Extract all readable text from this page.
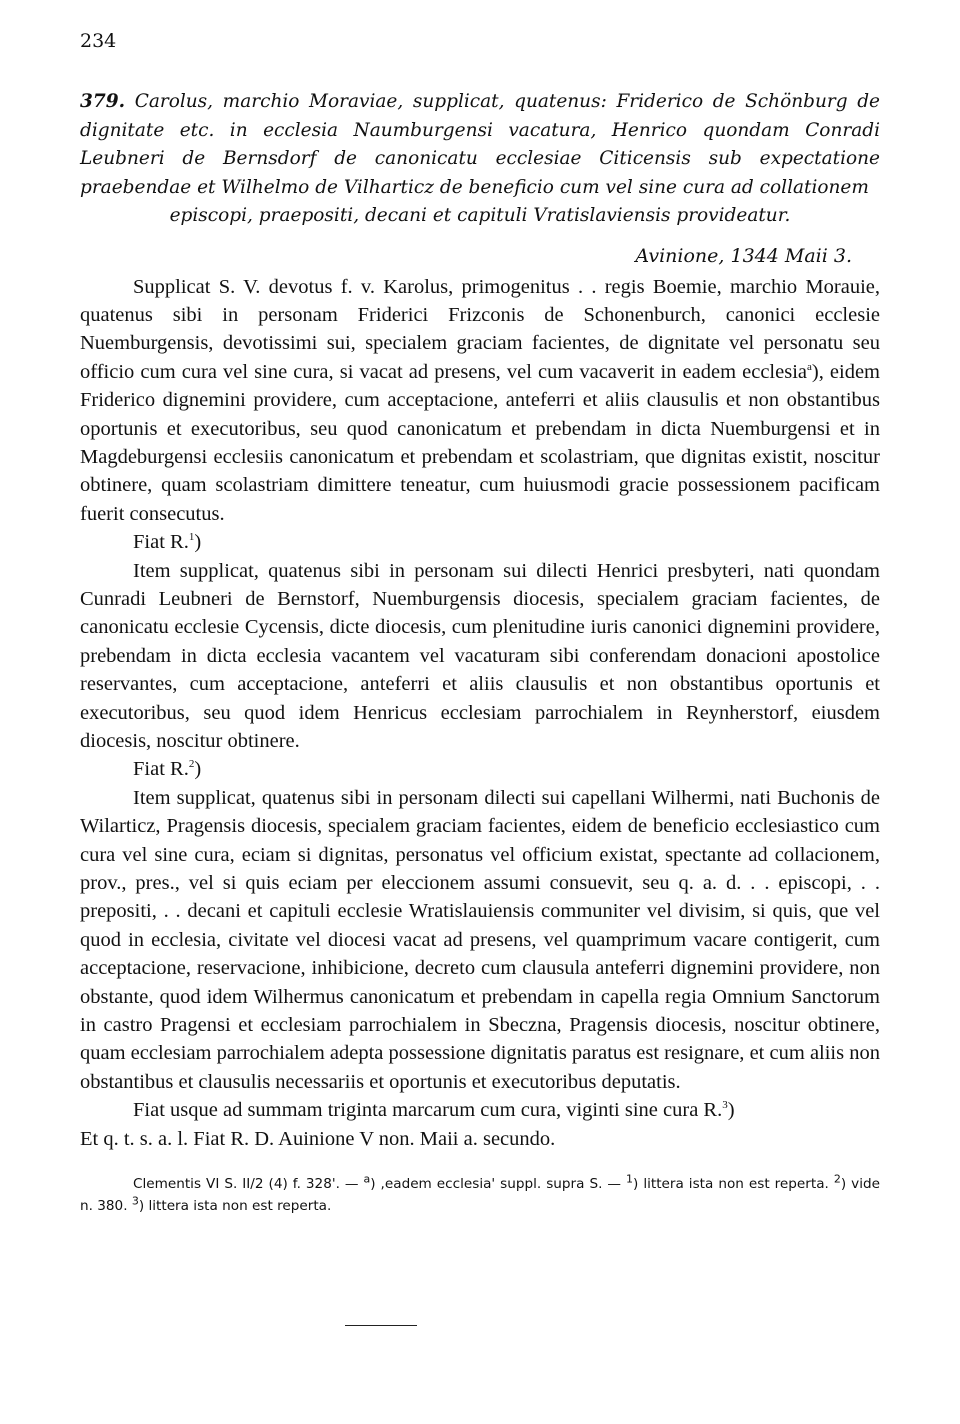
234
379. Carolus, marchio Moraviae, supplicat, quatenus: Friderico de Schönburg de dignitate etc. in ecclesia Naumburgensi vacatura, Henrico quondam Conradi Leubneri de Bernsdorf de canonicatu ecclesiae Citicensis sub expectatione praebendae et Wilhelmo de Vilharticz de beneficio cum vel sine cura ad collationem
episcopi, praepositi, decani et capituli Vratislaviensis provideatur.
Avinione, 1344 Maii 3.

Supplicat S. V. devotus f. v. Karolus, primogenitus . . regis Boemie, marchio Morauie, quatenus sibi in personam Friderici Frizconis de Schonenburch, canonici ecclesie Nuemburgensis, devotissimi sui, specialem graciam facientes, de dignitate vel personatu seu officio cum cura vel sine cura, si vacat ad presens, vel cum vacaverit in eadem ecclesia$^a$), eidem Friderico dignemini providere, cum acceptacione, anteferri et aliis clausulis et non obstantibus oportunis et executoribus, seu quod canonicatum et prebendam in dicta Nuemburgensi et in Magdeburgensi ecclesiis canonicatum et prebendam et scolastriam, que dignitas existit, noscitur obtinere, quam scolastriam dimittere teneatur, cum huiusmodi gracie possessionem pacificam fuerit consecutus.

Fiat R.$^1$)

Item supplicat, quatenus sibi in personam sui dilecti Henrici presbyteri, nati quondam Cunradi Leubneri de Bernstorf, Nuemburgensis diocesis, specialem graciam facientes, de canonicatu ecclesie Cycensis, dicte diocesis, cum plenitudine iuris canonici dignemini providere, prebendam in dicta ecclesia vacantem vel vacaturam sibi conferendam donacioni apostolice reservantes, cum acceptacione, anteferri et aliis clausulis et non obstantibus oportunis et executoribus, seu quod idem Henricus ecclesiam parrochialem in Reynherstorf, eiusdem diocesis, noscitur obtinere.

Fiat R.$^2$)

Item supplicat, quatenus sibi in personam dilecti sui capellani Wilhermi, nati Buchonis de Wilarticz, Pragensis diocesis, specialem graciam facientes, eidem de beneficio ecclesiastico cum cura vel sine cura, eciam si dignitas, personatus vel officium existat, spectante ad collacionem, prov., pres., vel si quis eciam per eleccionem assumi consuevit, seu q. a. d. . . episcopi, . . prepositi, . . decani et capituli ecclesie Wratislauiensis communiter vel divisim, si quis, que vel quod in ecclesia, civitate vel diocesi vacat ad presens, vel quamprimum vacare contigerit, cum acceptacione, reservacione, inhibicione, decreto cum clausula anteferri dignemini providere, non obstante, quod idem Wilhermus canonicatum et prebendam in capella regia Omnium Sanctorum in castro Pragensi et ecclesiam parrochialem in Sbeczna, Pragensis diocesis, noscitur obtinere, quam ecclesiam parrochialem adepta possessione dignitatis paratus est resignare, et cum aliis non obstantibus et clausulis necessariis et oportunis et executoribus deputatis.

Fiat usque ad summam triginta marcarum cum cura, viginti sine cura R.$^3$)

Et q. t. s. a. l. Fiat R. D. Auinione V non. Maii a. secundo.
Clementis VI S. II/2 (4) f. 328'. — $^a$) ,eadem ecclesia' suppl. supra S. — $^1$) littera ista non est reperta. $^2$) vide n. 380. $^3$) littera ista non est reperta.
